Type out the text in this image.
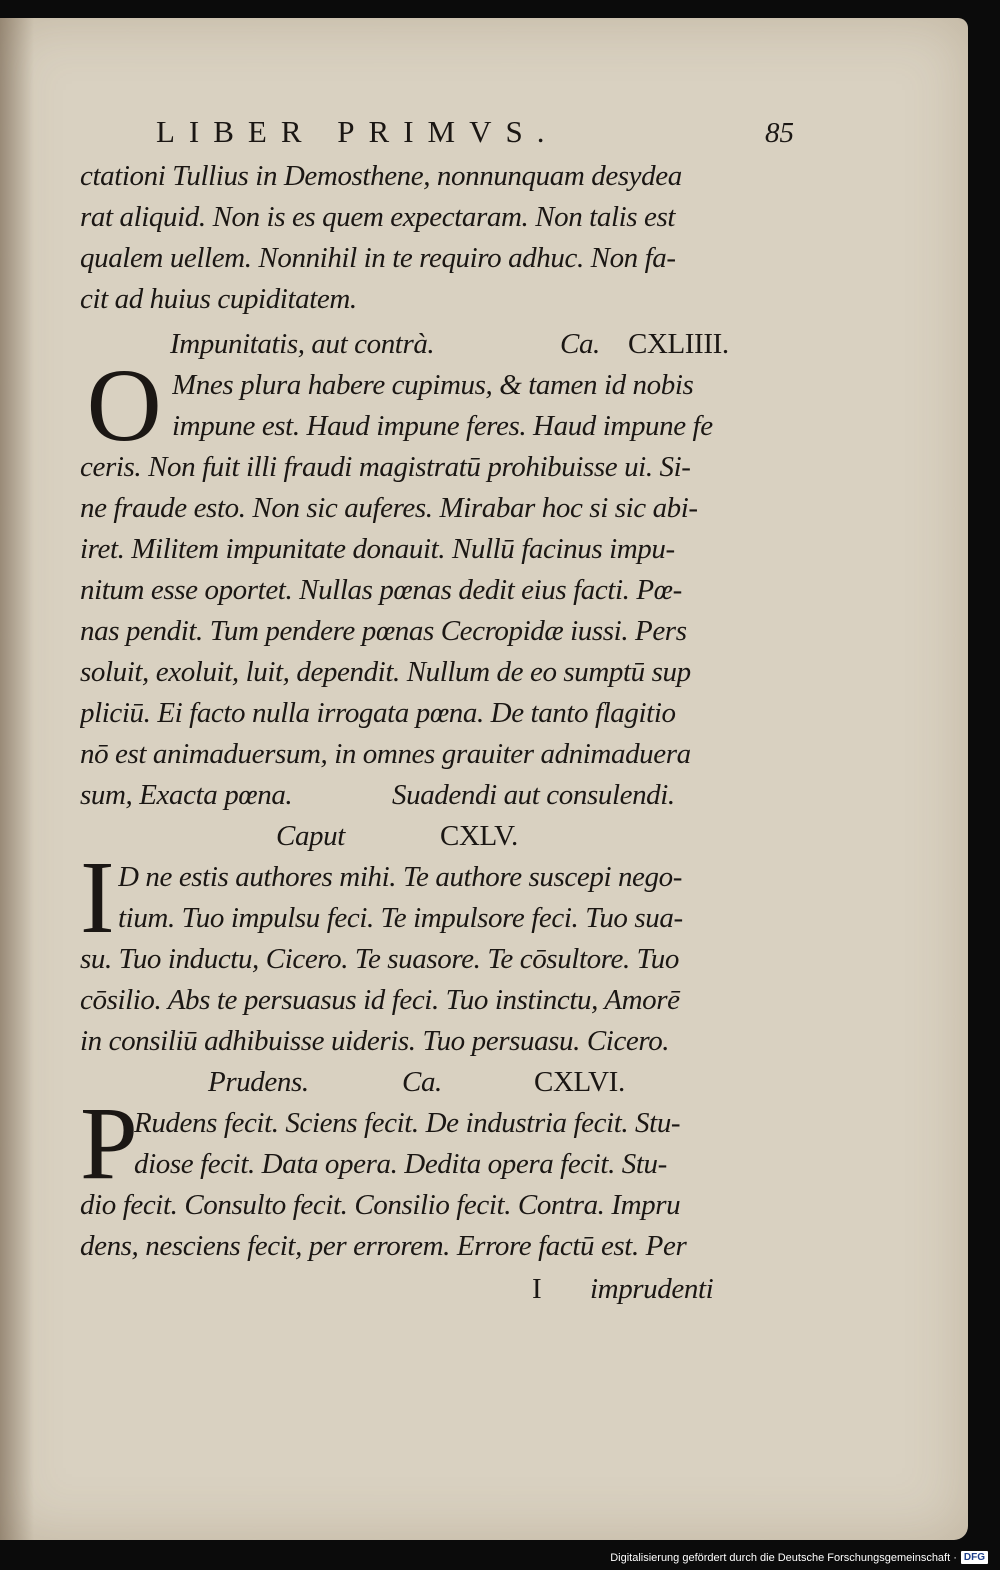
LIBER PRIMVS.	85
ctationi Tullius in Demosthene, nonnunquam desydea
rat aliquid. Non is es quem expectaram. Non talis est
qualem uellem. Nonnihil in te requiro adhuc. Non fa-
cit ad huius cupiditatem.
Impunitatis, aut contrà.	Ca. CXLIIII.
O Mnes plura habere cupimus, & tamen id nobis
impune est. Haud impune feres. Haud impune fe
ceris. Non fuit illi fraudi magistratū prohibuisse ui. Si-
ne fraude esto. Non sic auferes. Mirabar hoc si sic abi-
iret. Militem impunitate donauit. Nullū facinus impu-
nitum esse oportet. Nullas pœnas dedit eius facti. Pœ-
nas pendit. Tum pendere pœnas Cecropidæ iussi. Pers
soluit, exoluit, luit, dependit. Nullum de eo sumptū sup
pliciū. Ei facto nulla irrogata pœna. De tanto flagitio
nō est animaduersum, in omnes grauiter adnimaduera
sum, Exacta pœna.	Suadendi aut consulendi.
Caput	CXLV.
I D ne estis authores mihi. Te authore suscepi nego-
tium. Tuo impulsu feci. Te impulsore feci. Tuo sua-
su. Tuo inductu, Cicero. Te suasore. Te cōsultore. Tuo
cōsilio. Abs te persuasus id feci. Tuo instinctu, Amorē
in consiliū adhibuisse uideris. Tuo persuasu. Cicero.
Prudens.	Ca.	CXLVI.
P
Rudens fecit. Sciens fecit. De industria fecit. Stu-
diose fecit. Data opera. Dedita opera fecit. Stu-
dio fecit. Consulto fecit. Consilio fecit. Contra. Impru
dens, nesciens fecit, per errorem. Errore factū est. Per
I imprudenti
Digitalisierung gefördert durch die Deutsche Forschungsgemeinschaft · DFG
